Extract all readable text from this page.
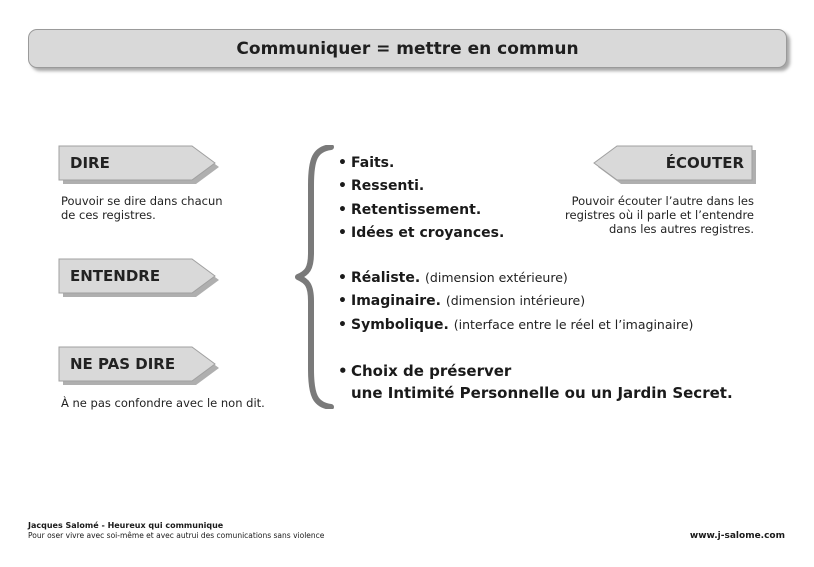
Communiquer = mettre en commun
DIRE
Pouvoir se dire dans chacun
de ces registres.
ENTENDRE
NE PAS DIRE
À ne pas confondre avec le non dit.
ÉCOUTER
Pouvoir écouter l’autre dans les
registres où il parle et l’entendre
dans les autres registres.
• Faits.
• Ressenti.
• Retentissement.
• Idées et croyances.
• Réaliste. (dimension extérieure)
• Imaginaire. (dimension intérieure)
• Symbolique. (interface entre le réel et l’imaginaire)
• Choix de préserver
une Intimité Personnelle ou un Jardin Secret.
Jacques Salomé - Heureux qui communique
Pour oser vivre avec soi-même et avec autrui des comunications sans violence	www.j-salome.com
